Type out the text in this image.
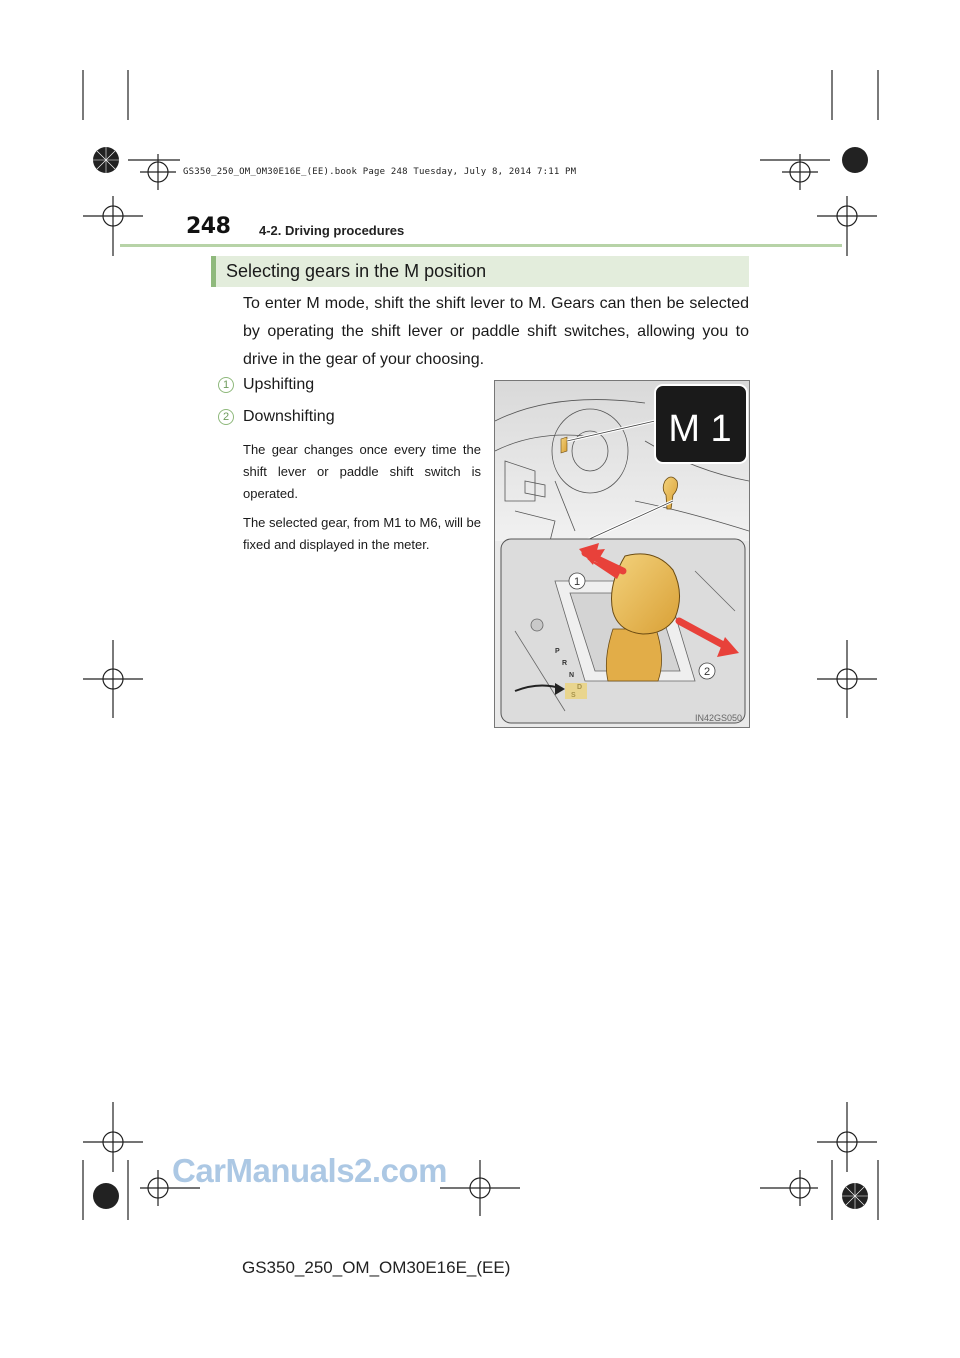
GS350_250_OM_OM30E16E_(EE).book Page 248 Tuesday, July 8, 2014 7:11 PM
248 4-2. Driving procedures
Selecting gears in the M position
To enter M mode, shift the shift lever to M. Gears can then be selected by operating the shift lever or paddle shift switches, allowing you to drive in the gear of your choosing.
1 Upshifting
2 Downshifting
The gear changes once every time the shift lever or paddle shift switch is operated.
The selected gear, from M1 to M6, will be fixed and displayed in the meter.
M 1
1
2
P
R
N
IN42GS050
CarManuals2.com
GS350_250_OM_OM30E16E_(EE)
